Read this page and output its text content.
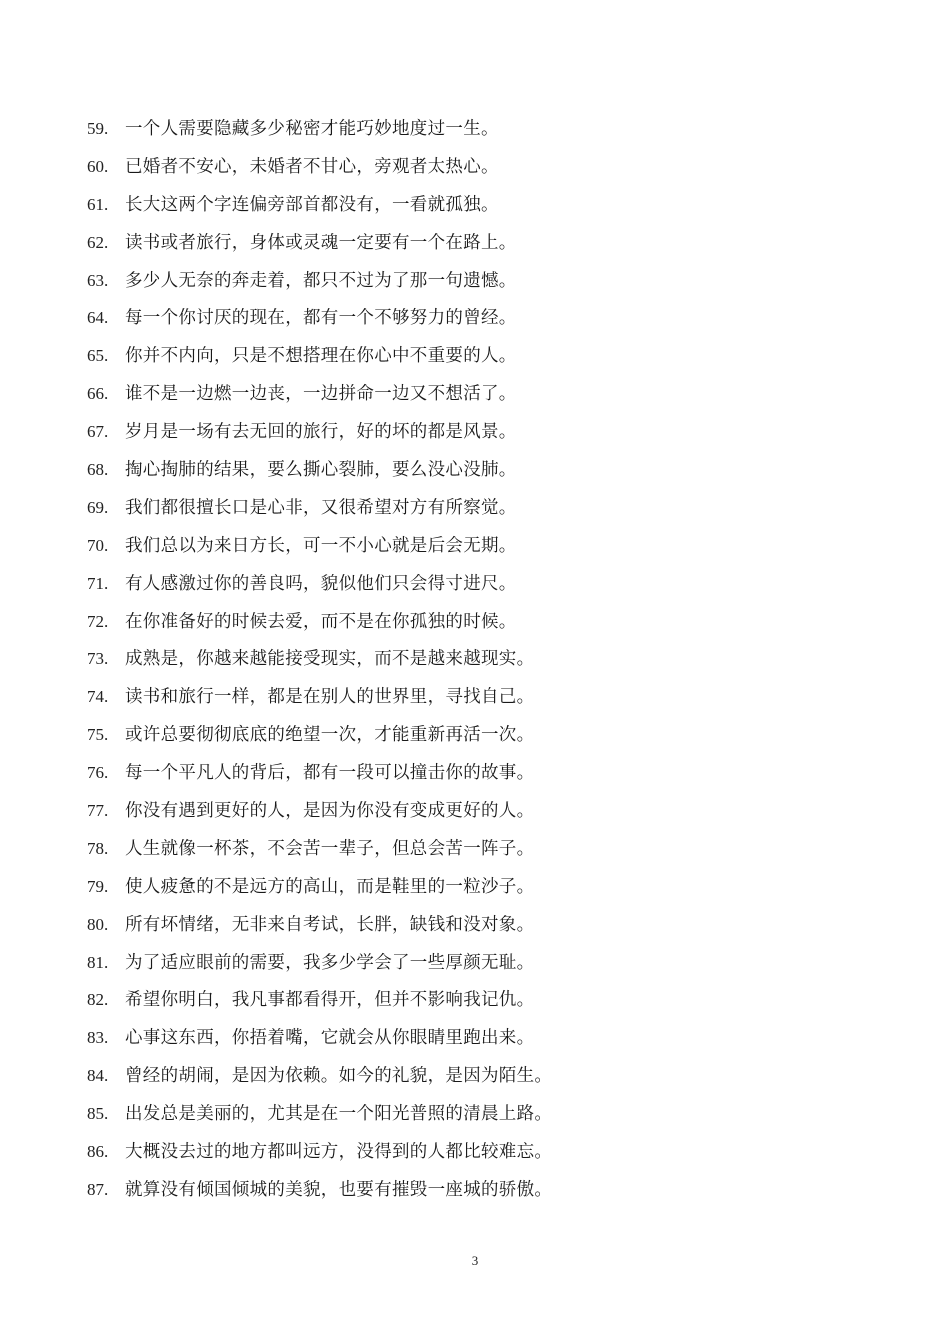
59. 一个人需要隐藏多少秘密才能巧妙地度过一生。
60. 已婚者不安心，未婚者不甘心，旁观者太热心。
61. 长大这两个字连偏旁部首都没有，一看就孤独。
62. 读书或者旅行，身体或灵魂一定要有一个在路上。
63. 多少人无奈的奔走着，都只不过为了那一句遗憾。
64. 每一个你讨厌的现在，都有一个不够努力的曾经。
65. 你并不内向，只是不想搭理在你心中不重要的人。
66. 谁不是一边燃一边丧，一边拼命一边又不想活了。
67. 岁月是一场有去无回的旅行，好的坏的都是风景。
68. 掏心掏肺的结果，要么撕心裂肺，要么没心没肺。
69. 我们都很擅长口是心非，又很希望对方有所察觉。
70. 我们总以为来日方长，可一不小心就是后会无期。
71. 有人感激过你的善良吗，貌似他们只会得寸进尺。
72. 在你准备好的时候去爱，而不是在你孤独的时候。
73. 成熟是，你越来越能接受现实，而不是越来越现实。
74. 读书和旅行一样，都是在别人的世界里，寻找自己。
75. 或许总要彻彻底底的绝望一次，才能重新再活一次。
76. 每一个平凡人的背后，都有一段可以撞击你的故事。
77. 你没有遇到更好的人，是因为你没有变成更好的人。
78. 人生就像一杯茶，不会苦一辈子，但总会苦一阵子。
79. 使人疲惫的不是远方的高山，而是鞋里的一粒沙子。
80. 所有坏情绪，无非来自考试，长胖，缺钱和没对象。
81. 为了适应眼前的需要，我多少学会了一些厚颜无耻。
82. 希望你明白，我凡事都看得开，但并不影响我记仇。
83. 心事这东西，你捂着嘴，它就会从你眼睛里跑出来。
84. 曾经的胡闹，是因为依赖。如今的礼貌，是因为陌生。
85. 出发总是美丽的，尤其是在一个阳光普照的清晨上路。
86. 大概没去过的地方都叫远方，没得到的人都比较难忘。
87. 就算没有倾国倾城的美貌，也要有摧毁一座城的骄傲。
3
